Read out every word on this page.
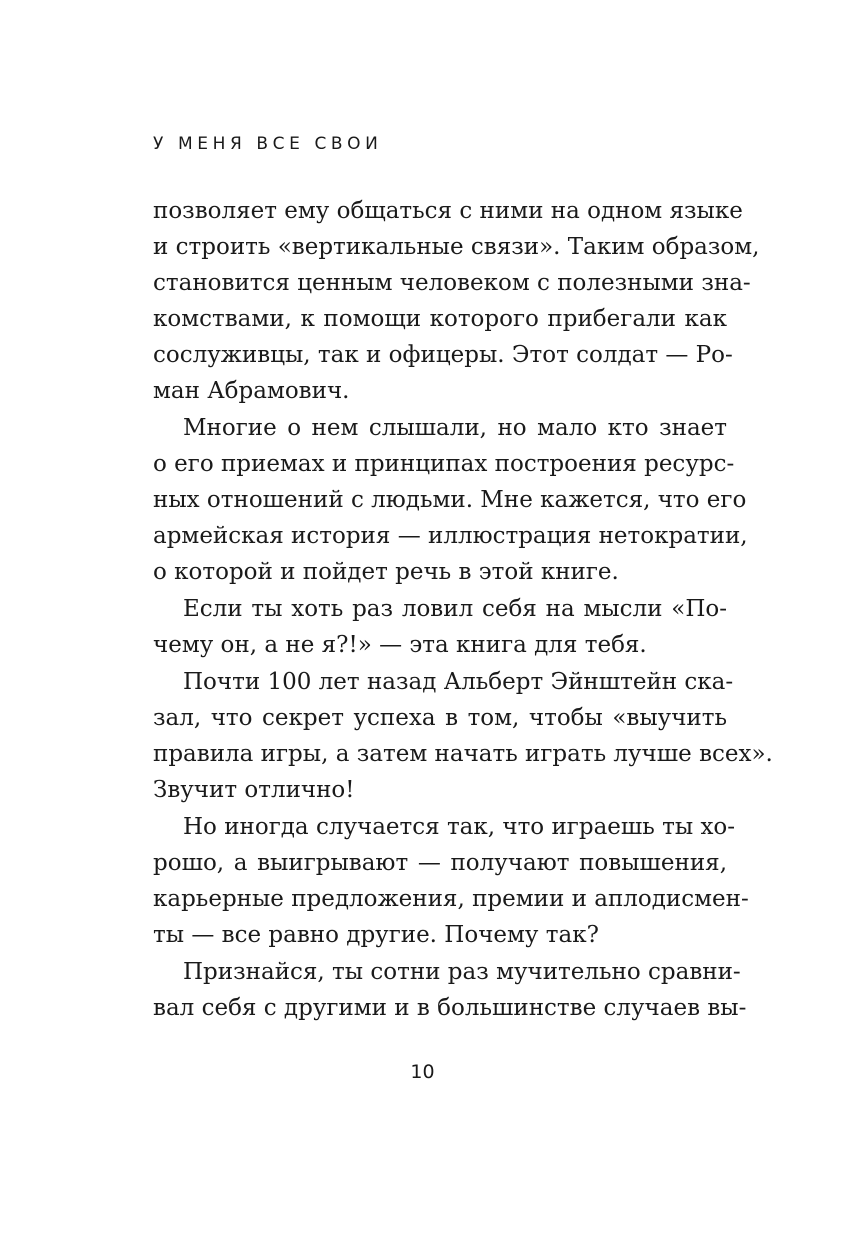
У МЕНЯ ВСЕ СВОИ
позволяет ему общаться с ними на одном языке
и строить «вертикальные связи». Таким образом,
становится ценным человеком с полезными зна-
комствами, к помощи которого прибегали как
сослуживцы, так и офицеры. Этот солдат — Ро-
ман Абрамович.
Многие о нем слышали, но мало кто знает
о его приемах и принципах построения ресурс-
ных отношений с людьми. Мне кажется, что его
армейская история — иллюстрация нетократии,
о которой и пойдет речь в этой книге.
Если ты хоть раз ловил себя на мысли «По-
чему он, а не я?!» — эта книга для тебя.
Почти 100 лет назад Альберт Эйнштейн ска-
зал, что секрет успеха в том, чтобы «выучить
правила игры, а затем начать играть лучше всех».
Звучит отлично!
Но иногда случается так, что играешь ты хо-
рошо, а выигрывают — получают повышения,
карьерные предложения, премии и аплодисмен-
ты — все равно другие. Почему так?
Признайся, ты сотни раз мучительно сравни-
вал себя с другими и в большинстве случаев вы-
10
